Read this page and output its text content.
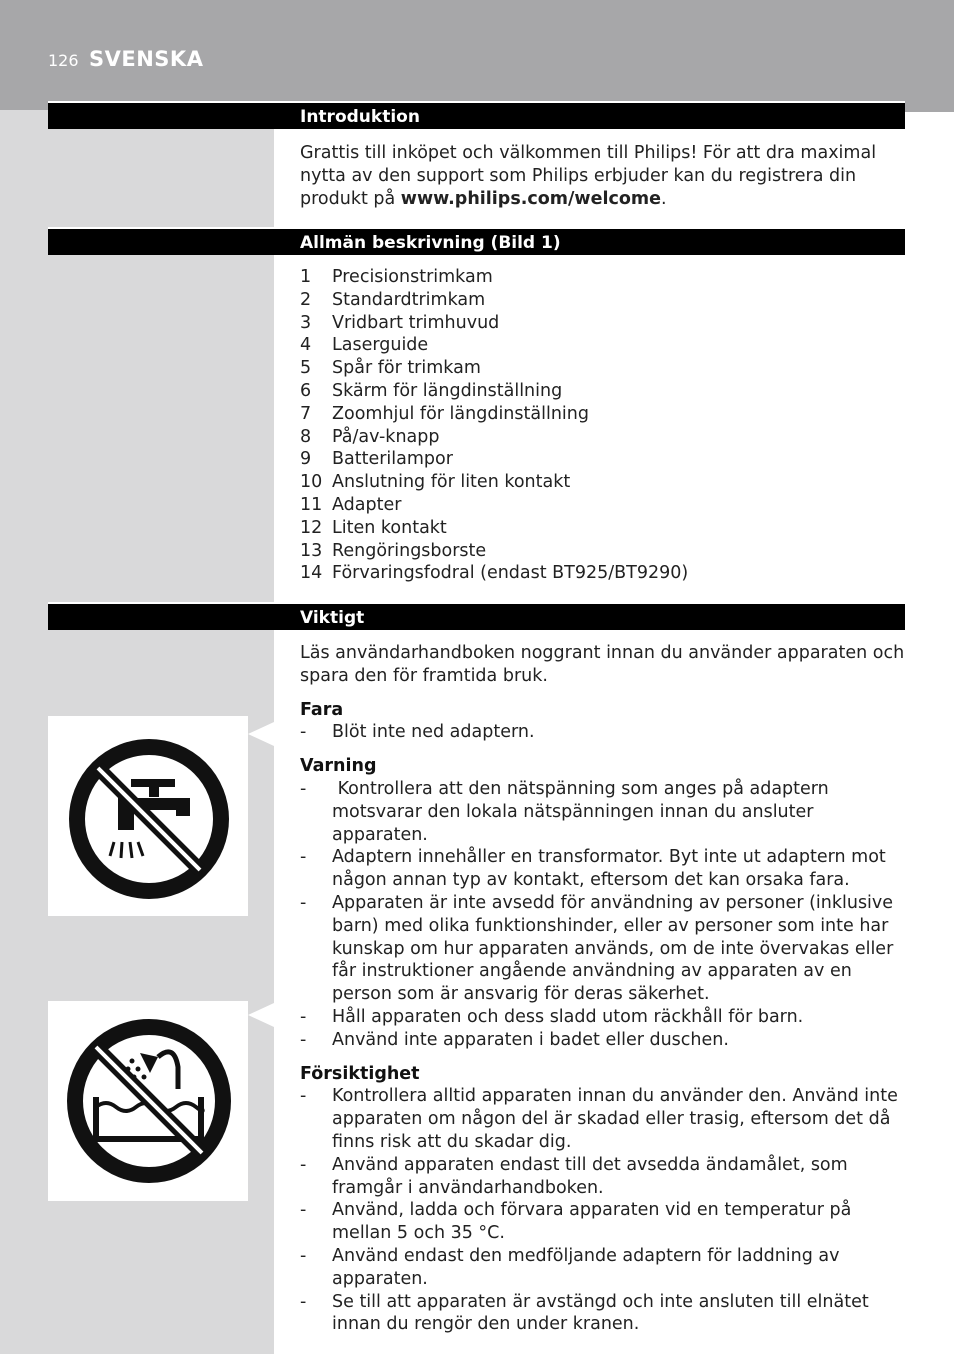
126 SVENSKA
Introduktion

Grattis till inköpet och välkommen till Philips! För att dra maximal nytta av den support som Philips erbjuder kan du registrera din produkt på www.philips.com/welcome.

Allmän beskrivning (Bild 1)
1	Precisionstrimkam
2	Standardtrimkam
3	Vridbart trimhuvud
4	Laserguide
5	Spår för trimkam
6	Skärm för längdinställning
7	Zoomhjul för längdinställning
8	På/av-knapp
9	Batterilampor
10 Anslutning för liten kontakt
11 Adapter
12 Liten kontakt
13 Rengöringsborste
14 Förvaringsfodral (endast BT925/BT9290)
Viktigt

Läs användarhandboken noggrant innan du använder apparaten och spara den för framtida bruk.

Fara
- Blöt inte ned adaptern.
Varning
- Kontrollera att den nätspänning som anges på adaptern motsvarar den lokala nätspänningen innan du ansluter apparaten.
- Adaptern innehåller en transformator. Byt inte ut adaptern mot någon annan typ av kontakt, eftersom det kan orsaka fara.
- Apparaten är inte avsedd för användning av personer (inklusive barn) med olika funktionshinder, eller av personer som inte har kunskap om hur apparaten används, om de inte övervakas eller får instruktioner angående användning av apparaten av en person som är ansvarig för deras säkerhet.
- Håll apparaten och dess sladd utom räckhåll för barn.
- Använd inte apparaten i badet eller duschen.
Försiktighet
- Kontrollera alltid apparaten innan du använder den. Använd inte apparaten om någon del är skadad eller trasig, eftersom det då finns risk att du skadar dig.
- Använd apparaten endast till det avsedda ändamålet, som framgår i användarhandboken.
- Använd, ladda och förvara apparaten vid en temperatur på mellan 5 och 35 °C.
- Använd endast den medföljande adaptern för laddning av apparaten.
- Se till att apparaten är avstängd och inte ansluten till elnätet innan du rengör den under kranen.
